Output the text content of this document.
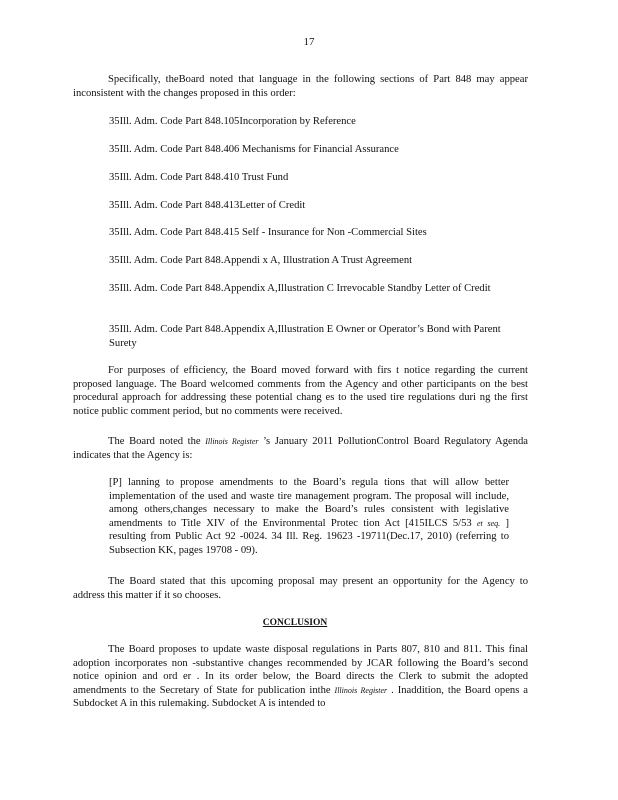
17
Specifically, theBoard noted that language in the following sections of Part 848 may appear inconsistent with the changes proposed in this order:
35Ill. Adm. Code Part 848.105Incorporation by Reference
35Ill. Adm. Code Part 848.406 Mechanisms for Financial Assurance
35Ill. Adm. Code Part 848.410 Trust Fund
35Ill. Adm. Code Part 848.413Letter of Credit
35Ill. Adm. Code Part 848.415 Self - Insurance for Non -Commercial Sites
35Ill. Adm. Code Part 848.Appendi x A, Illustration A Trust Agreement
35Ill. Adm. Code Part 848.Appendix A,Illustration C Irrevocable Standby Letter of Credit
35Ill. Adm. Code Part 848.Appendix A,Illustration E Owner or Operator’s Bond with Parent Surety
For purposes of efficiency, the Board moved forward with firs t notice regarding the current proposed language. The Board welcomed comments from the Agency and other participants on the best procedural approach for addressing these potential chang es to the used tire regulations duri ng the first notice public comment period, but no comments were received.
The Board noted the Illinois Register ’s January 2011 PollutionControl Board Regulatory Agenda indicates that the Agency is:
[P] lanning to propose amendments to the Board’s regula tions that will allow better implementation of the used and waste tire management program. The proposal will include, among others,changes necessary to make the Board’s rules consistent with legislative amendments to Title XIV of the Environmental Protec tion Act [415ILCS 5/53 et seq. ] resulting from Public Act 92 -0024. 34 Ill. Reg. 19623 -19711(Dec.17, 2010) (referring to Subsection KK, pages 19708 - 09).
The Board stated that this upcoming proposal may present an opportunity for the Agency to address this matter if it so chooses.
CONCLUSION
The Board proposes to update waste disposal regulations in Parts 807, 810 and 811. This final adoption incorporates non -substantive changes recommended by JCAR following the Board’s second notice opinion and ord er . In its order below, the Board directs the Clerk to submit the adopted amendments to the Secretary of State for publication inthe Illinois Register . Inaddition, the Board opens a Subdocket A in this rulemaking. Subdocket A is intended to
